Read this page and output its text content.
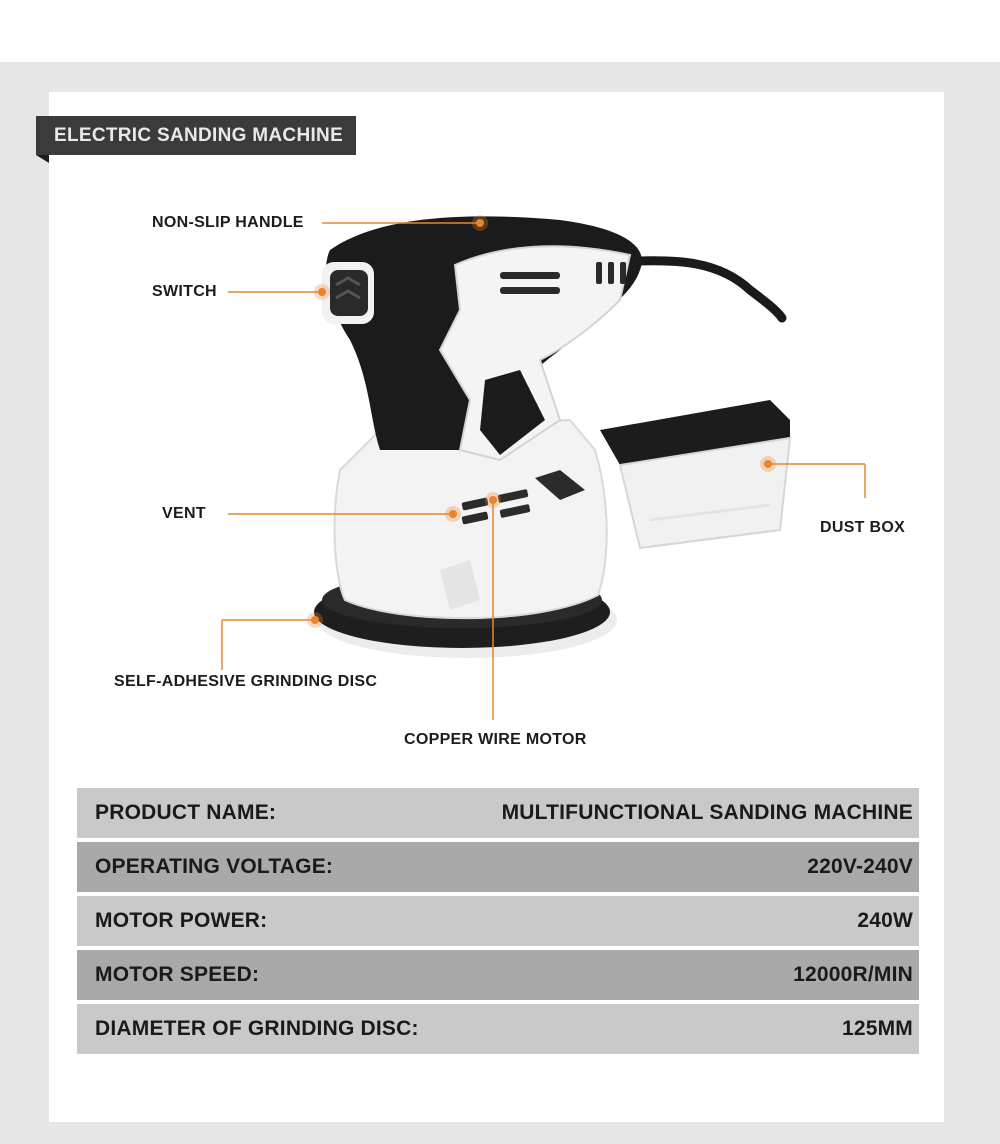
ELECTRIC SANDING MACHINE
NON-SLIP HANDLE
SWITCH
VENT
DUST BOX
SELF-ADHESIVE GRINDING DISC
COPPER WIRE MOTOR
PRODUCT NAME:	MULTIFUNCTIONAL SANDING MACHINE
OPERATING VOLTAGE:	220V-240V
MOTOR POWER:	240W
MOTOR SPEED:	12000R/MIN
DIAMETER OF GRINDING DISC:	125MM
